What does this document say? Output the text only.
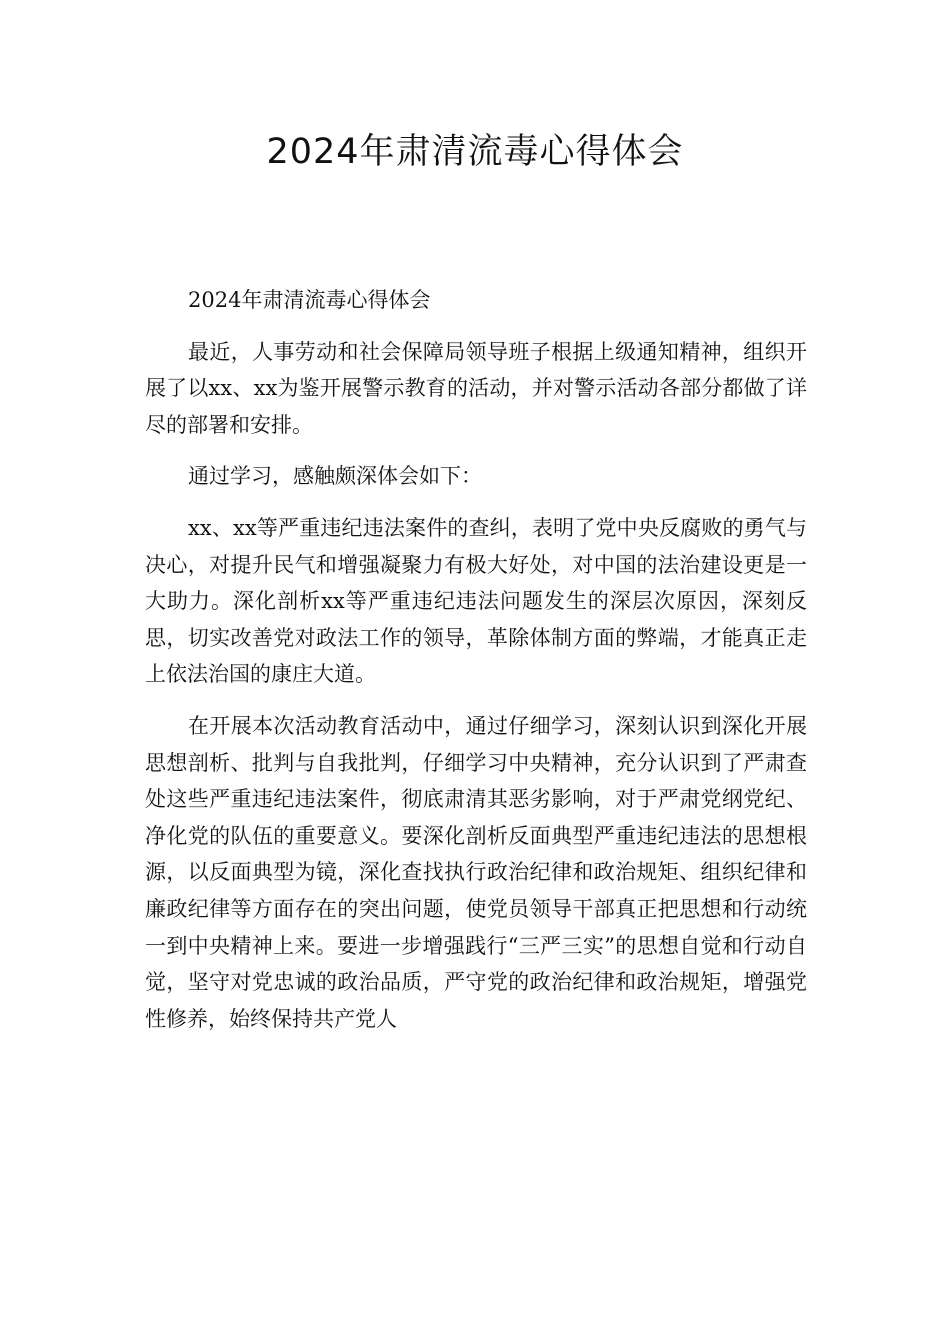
2024年肃清流毒心得体会

2024年肃清流毒心得体会

最近，人事劳动和社会保障局领导班子根据上级通知精神，组织开展了以xx、xx为鉴开展警示教育的活动，并对警示活动各部分都做了详尽的部署和安排。

通过学习，感触颇深体会如下：

xx、xx等严重违纪违法案件的查纠，表明了党中央反腐败的勇气与决心，对提升民气和增强凝聚力有极大好处，对中国的法治建设更是一大助力。深化剖析xx等严重违纪违法问题发生的深层次原因，深刻反思，切实改善党对政法工作的领导，革除体制方面的弊端，才能真正走上依法治国的康庄大道。

在开展本次活动教育活动中，通过仔细学习，深刻认识到深化开展思想剖析、批判与自我批判，仔细学习中央精神，充分认识到了严肃查处这些严重违纪违法案件，彻底肃清其恶劣影响，对于严肃党纲党纪、净化党的队伍的重要意义。要深化剖析反面典型严重违纪违法的思想根源，以反面典型为镜，深化查找执行政治纪律和政治规矩、组织纪律和廉政纪律等方面存在的突出问题，使党员领导干部真正把思想和行动统一到中央精神上来。要进一步增强践行“三严三实”的思想自觉和行动自觉，坚守对党忠诚的政治品质，严守党的政治纪律和政治规矩，增强党性修养，始终保持共产党人
